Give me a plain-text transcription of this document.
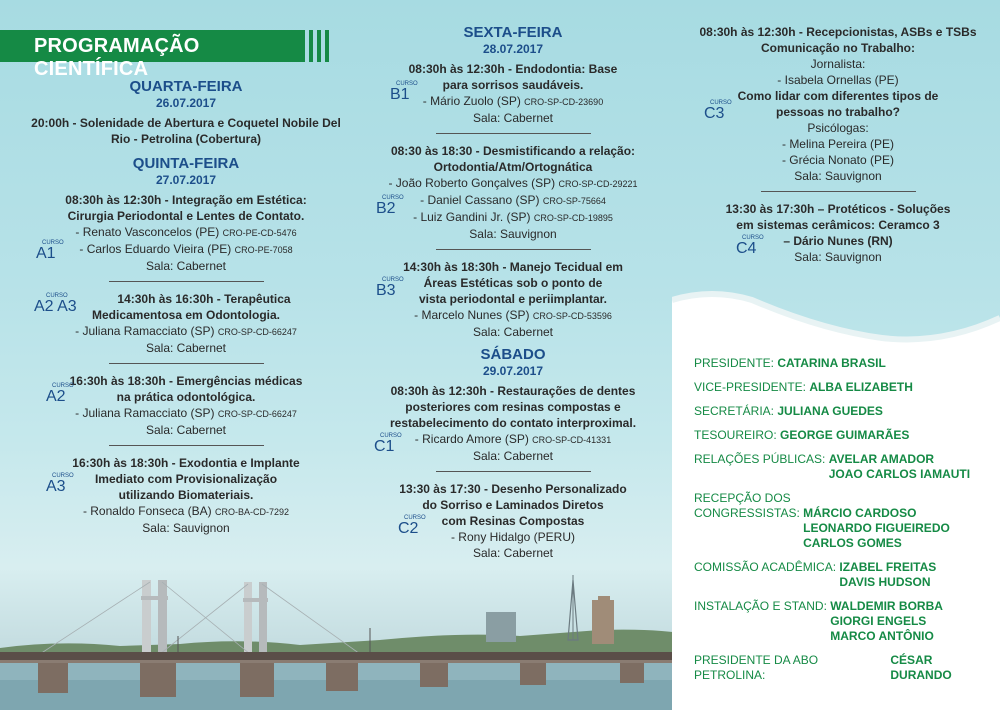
PROGRAMAÇÃO CIENTÍFICA
QUARTA-FEIRA
26.07.2017
20:00h - Solenidade de Abertura e Coquetel Nobile Del Rio - Petrolina (Cobertura)
QUINTA-FEIRA
27.07.2017
CURSO
A1
08:30h às 12:30h - Integração em Estética:
Cirurgia Periodontal e Lentes de Contato.
- Renato Vasconcelos (PE) CRO-PE-CD-5476
- Carlos Eduardo Vieira (PE) CRO-PE-7058
Sala: Cabernet
CURSO
A2 A3	14:30h às 16:30h - Terapêutica
Medicamentosa em Odontologia.
- Juliana Ramacciato (SP) CRO-SP-CD-66247
Sala: Cabernet
CURSO
A2
16:30h às 18:30h - Emergências médicas
na prática odontológica.
- Juliana Ramacciato (SP) CRO-SP-CD-66247
Sala: Cabernet
CURSO
A3
16:30h às 18:30h - Exodontia e Implante
Imediato com Provisionalização
utilizando Biomateriais.
- Ronaldo Fonseca (BA) CRO-BA-CD-7292
Sala: Sauvignon
SEXTA-FEIRA
28.07.2017
CURSO
B1
08:30h às 12:30h - Endodontia: Base
para sorrisos saudáveis.
- Mário Zuolo (SP) CRO-SP-CD-23690
Sala: Cabernet
CURSO
B2
08:30 às 18:30 - Desmistificando a relação:
Ortodontia/Atm/Ortognática
- João Roberto Gonçalves (SP) CRO-SP-CD-29221
- Daniel Cassano (SP) CRO-SP-75664
- Luiz Gandini Jr. (SP) CRO-SP-CD-19895
Sala: Sauvignon
CURSO
B3
14:30h às 18:30h - Manejo Tecidual em
Áreas Estéticas sob o ponto de
vista periodontal e periimplantar.
- Marcelo Nunes (SP) CRO-SP-CD-53596
Sala: Cabernet
SÁBADO
29.07.2017
CURSO
C1
08:30h às 12:30h - Restaurações de dentes
posteriores com resinas compostas e
restabelecimento do contato interproximal.
- Ricardo Amore (SP) CRO-SP-CD-41331
Sala: Cabernet
CURSO
C2
13:30 às 17:30 - Desenho Personalizado
do Sorriso e Laminados Diretos
com Resinas Compostas
- Rony Hidalgo (PERU)
Sala: Cabernet
CURSO
C3
08:30h às 12:30h - Recepcionistas, ASBs e TSBs
Comunicação no Trabalho:
Jornalista:
- Isabela Ornellas (PE)
Como lidar com diferentes tipos de
pessoas no trabalho?
Psicólogas:
- Melina Pereira (PE)
- Grécia Nonato (PE)
Sala: Sauvignon
CURSO
C4
13:30 às 17:30h – Protéticos - Soluções
em sistemas cerâmicos: Ceramco 3
– Dário Nunes (RN)
Sala: Sauvignon
PRESIDENTE:
CATARINA BRASIL
VICE-PRESIDENTE:
ALBA ELIZABETH
SECRETÁRIA:
JULIANA GUEDES
TESOUREIRO:
GEORGE GUIMARÃES
RELAÇÕES PÚBLICAS:
AVELAR AMADOR
JOAO CARLOS IAMAUTI
RECEPÇÃO DOS
CONGRESSISTAS:
MÁRCIO CARDOSO
LEONARDO FIGUEIREDO
CARLOS GOMES
COMISSÃO ACADÊMICA:
IZABEL FREITAS
DAVIS HUDSON
INSTALAÇÃO E STAND:
WALDEMIR BORBA
GIORGI ENGELS
MARCO ANTÔNIO
PRESIDENTE DA ABO PETROLINA:

CÉSAR DURANDO
